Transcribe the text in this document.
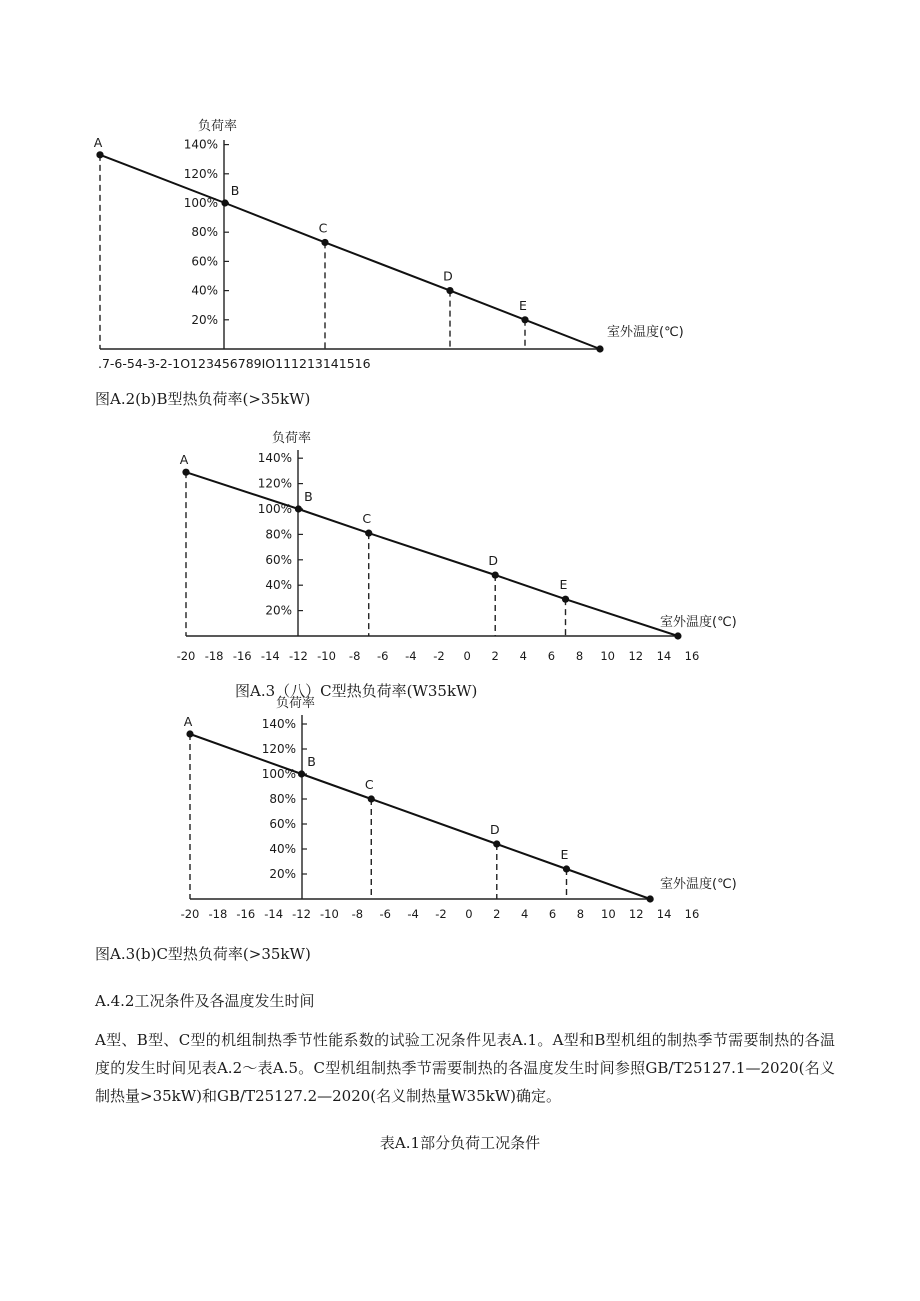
140%
120%
100%
80%
60%
40%
20%
负荷率
室外温度(℃)
.7-6-54-3-2-1O123456789IO111213141516
A
B
C
D
E
图A.2(b)B型热负荷率(>35kW)
140%
120%
100%
80%
60%
40%
20%
负荷率
室外温度(℃)
-20 -18 -16 -14 -12 -10 -8 -6 -4 -2 0 2 4 6 8 10 12 14 16
A
B
C
D
E
图A.3（八）C型热负荷率(W35kW)
140%
120%
100%
80%
60%
40%
20%
负荷率
室外温度(℃)
-20 -18 -16 -14 -12 -10 -8 -6 -4 -2 0 2 4 6 8 10 12 14 16
A
B
C
D
E
图A.3(b)C型热负荷率(>35kW)
A.4.2工况条件及各温度发生时间
A型、B型、C型的机组制热季节性能系数的试验工况条件见表A.1。A型和B型机组的制热季节需要制热的各温度的发生时间见表A.2～表A.5。C型机组制热季节需要制热的各温度发生时间参照GB/T25127.1—2020(名义制热量>35kW)和GB/T25127.2—2020(名义制热量W35kW)确定。
表A.1部分负荷工况条件
